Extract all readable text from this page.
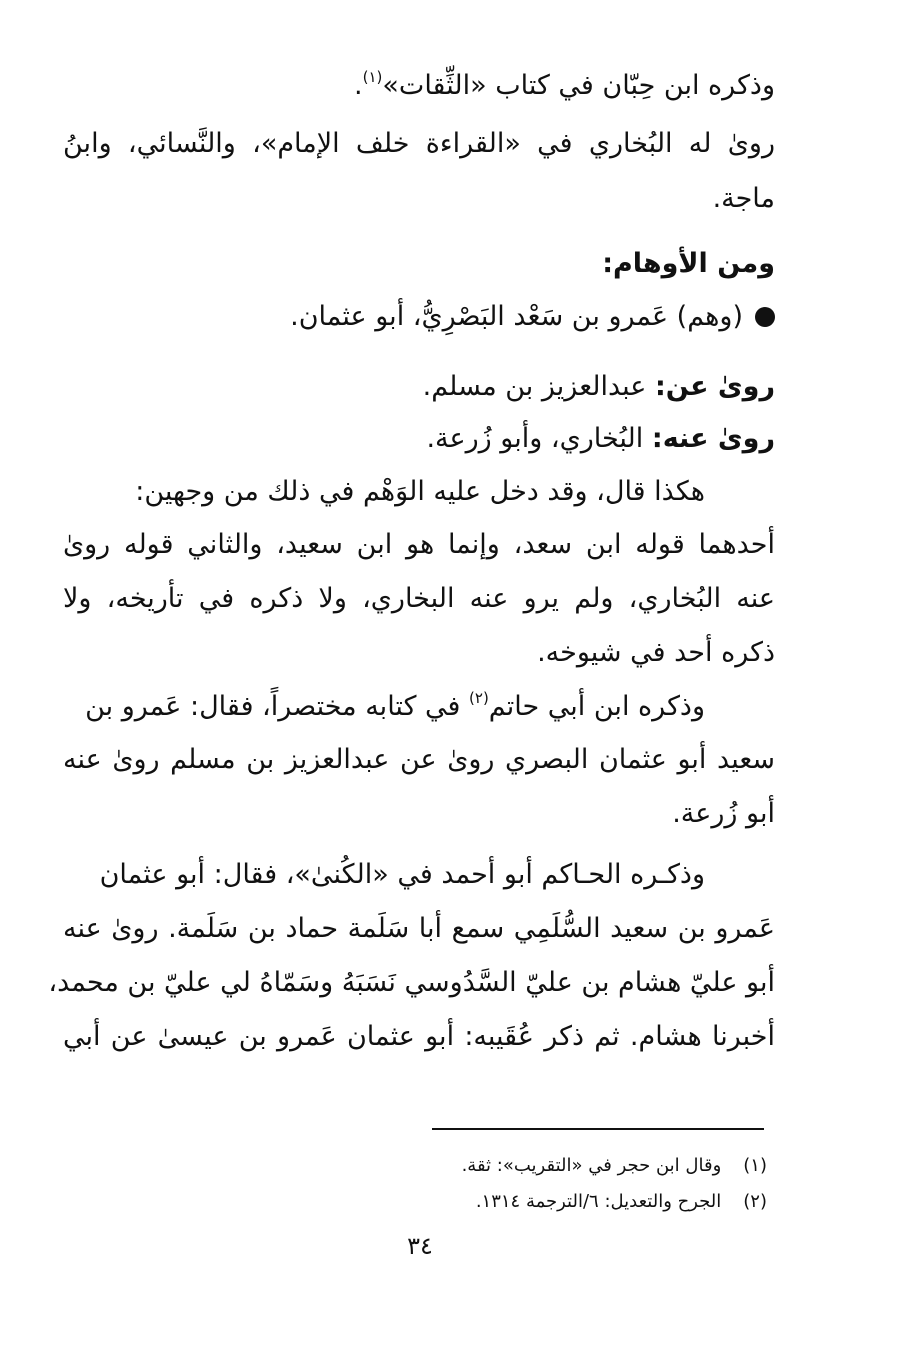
وذكره ابن حِبّان في كتاب «الثِّقات»$^{(١)}$.
روىٰ له البُخاري في «القراءة خلف الإمام»، والنَّسائي، وابنُ
ماجة.
ومن الأوهام:
(وهم) عَمرو بن سَعْد البَصْرِيُّ، أبو عثمان.
روىٰ عن: عبدالعزيز بن مسلم.
روىٰ عنه: البُخاري، وأبو زُرعة.
هكذا قال، وقد دخل عليه الوَهْم في ذلك من وجهين:
أحدهما قوله ابن سعد، وإنما هو ابن سعيد، والثاني قوله روىٰ
عنه البُخاري، ولم يرو عنه البخاري، ولا ذكره في تأريخه، ولا
ذكره أحد في شيوخه.
وذكره ابن أبي حاتم$^{(٢)}$ في كتابه مختصراً، فقال: عَمرو بن
سعيد أبو عثمان البصري روىٰ عن عبدالعزيز بن مسلم روىٰ عنه
أبو زُرعة.
وذكـره الحـاكم أبو أحمد في «الكُنىٰ»، فقال: أبو عثمان
عَمرو بن سعيد السُّلَمِي سمع أبا سَلَمة حماد بن سَلَمة. روىٰ عنه
أبو عليّ هشام بن عليّ السَّدُوسي نَسَبَهُ وسَمّاهُ لي عليّ بن محمد،
أخبرنا هشام. ثم ذكر عُقَيبه: أبو عثمان عَمرو بن عيسىٰ عن أبي
(١)وقال ابن حجر في «التقريب»: ثقة.
(٢)الجرح والتعديل: ٦/الترجمة ١٣١٤.
٣٤
